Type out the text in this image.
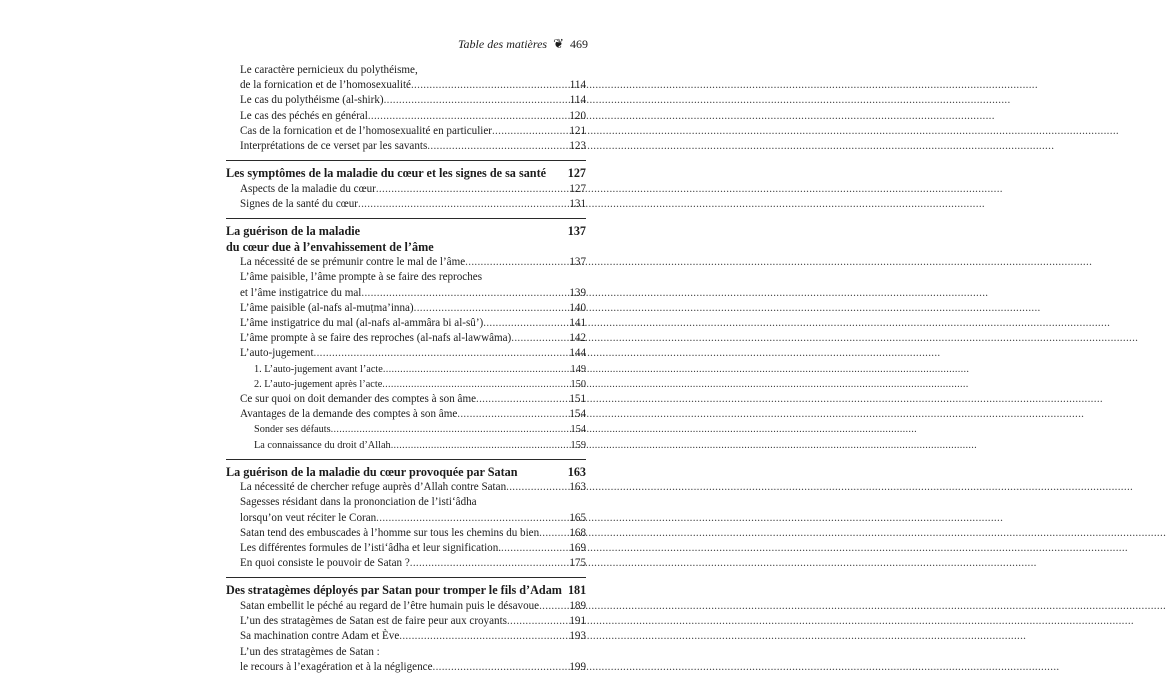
Table des matières ❦ 469
Le caractère pernicieux du polythéisme,
de la fornication et de l’homosexualité .....	114
Le cas du polythéisme (al-shirk) .....	114
Le cas des péchés en général .....	120
Cas de la fornication et de l’homosexualité en particulier .....	121
Interprétations de ce verset par les savants .....	123
Les symptômes de la maladie du cœur et les signes de sa santé	127
Aspects de la maladie du cœur .....	127
Signes de la santé du cœur .....	131
La guérison de la maladie
du cœur due à l’envahissement de l’âme
137
La nécessité de se prémunir contre le mal de l’âme .....	137
L’âme paisible, l’âme prompte à se faire des reproches
et l’âme instigatrice du mal .....	139
L’âme paisible (al-nafs al-muṭma’inna) .....	140
L’âme instigatrice du mal (al-nafs al-ammâra bi al-sû’) .....	141
L’âme prompte à se faire des reproches (al-nafs al-lawwâma) .....	142
L’auto-jugement .....	144
1. L’auto-jugement avant l’acte .....	149
2. L’auto-jugement après l’acte .....	150
Ce sur quoi on doit demander des comptes à son âme .....	151
Avantages de la demande des comptes à son âme .....	154
Sonder ses défauts .....	154
La connaissance du droit d’Allah .....	159
La guérison de la maladie du cœur provoquée par Satan	163
La nécessité de chercher refuge auprès d’Allah contre Satan .....	163
Sagesses résidant dans la prononciation de l’isti‘âdha
lorsqu’on veut réciter le Coran .....	165
Satan tend des embuscades à l’homme sur tous les chemins du bien .....	168
Les différentes formules de l’isti‘âdha et leur signification. .....	169
En quoi consiste le pouvoir de Satan ? .....	175
Des stratagèmes déployés par Satan pour tromper le fils d’Adam 181
Satan embellit le péché au regard de l’être humain puis le désavoue .....	189
L’un des stratagèmes de Satan est de faire peur aux croyants .....	191
Sa machination contre Adam et Ève .....	193
L’un des stratagèmes de Satan :
le recours à l’exagération et à la négligence .....	199
